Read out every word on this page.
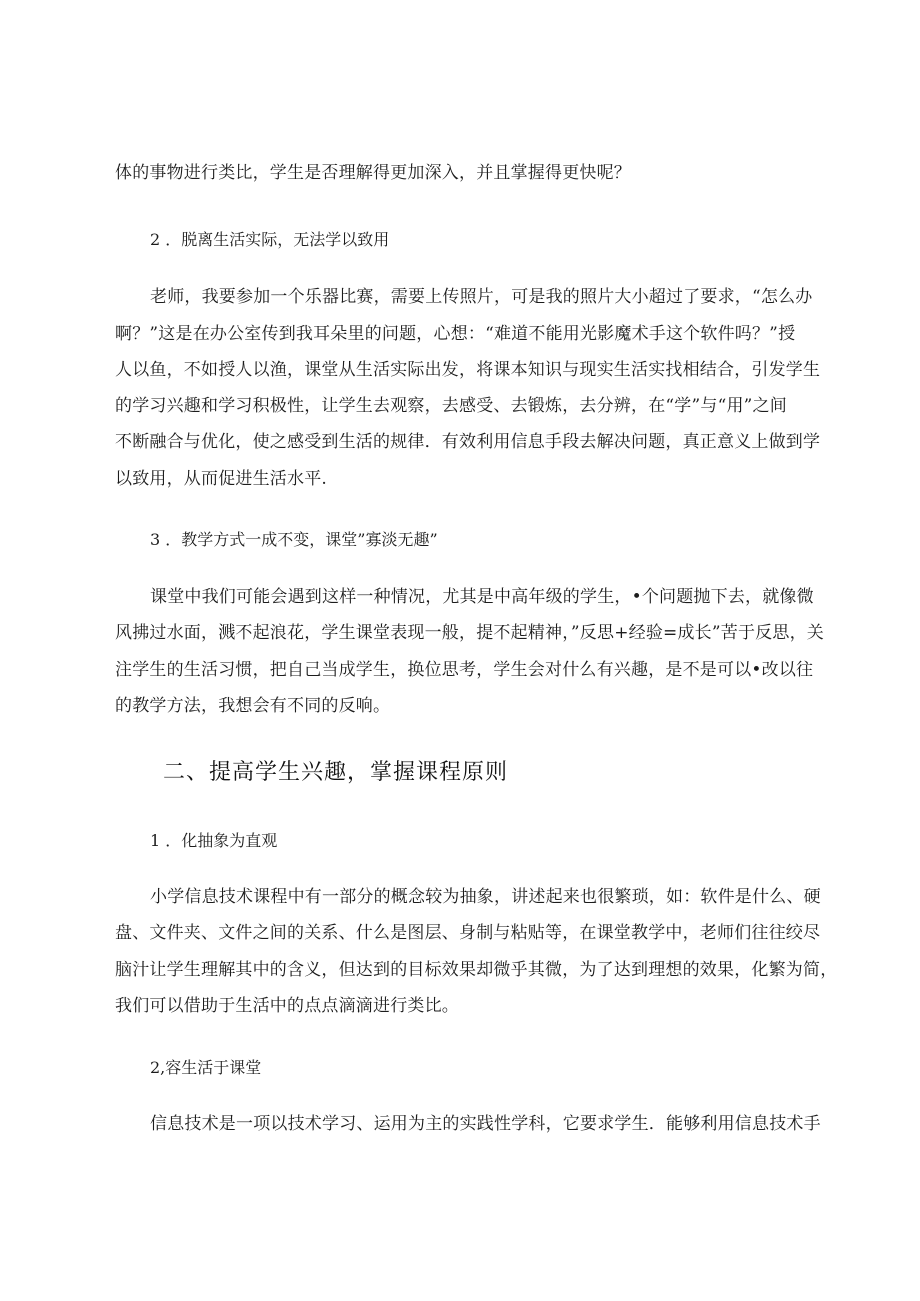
体的事物进行类比，学生是否理解得更加深入，并且掌握得更快呢？
2 ．脱离生活实际，无法学以致用
老师，我要参加一个乐器比赛，需要上传照片，可是我的照片大小超过了要求，“怎么办
啊？”这是在办公室传到我耳朵里的问题，心想：“难道不能用光影魔术手这个软件吗？”授
人以鱼，不如授人以渔，课堂从生活实际出发，将课本知识与现实生活实找相结合，引发学生
的学习兴趣和学习积极性，让学生去观察，去感受、去锻炼，去分辨，在“学”与“用”之间
不断融合与优化，使之感受到生活的规律．有效利用信息手段去解决问题，真正意义上做到学
以致用，从而促进生活水平.
3 ．教学方式一成不变，课堂”寡淡无趣”
课堂中我们可能会遇到这样一种情况，尤其是中高年级的学生，•个问题抛下去，就像微
风拂过水面，溅不起浪花，学生课堂表现一般，提不起精神，”反思+经验=成长”苦于反思，关
注学生的生活习惯，把自己当成学生，换位思考，学生会对什么有兴趣，是不是可以•改以往
的教学方法，我想会有不同的反响。
二、提高学生兴趣，掌握课程原则
1 ．化抽象为直观
小学信息技术课程中有一部分的概念较为抽象，讲述起来也很繁琐，如：软件是什么、硬
盘、文件夹、文件之间的关系、什么是图层、身制与粘贴等，在课堂教学中，老师们往往绞尽
脑汁让学生理解其中的含义，但达到的目标效果却微乎其微，为了达到理想的效果，化繁为简，
我们可以借助于生活中的点点滴滴进行类比。
2,容生活于课堂
信息技术是一项以技术学习、运用为主的实践性学科，它要求学生．能够利用信息技术手
